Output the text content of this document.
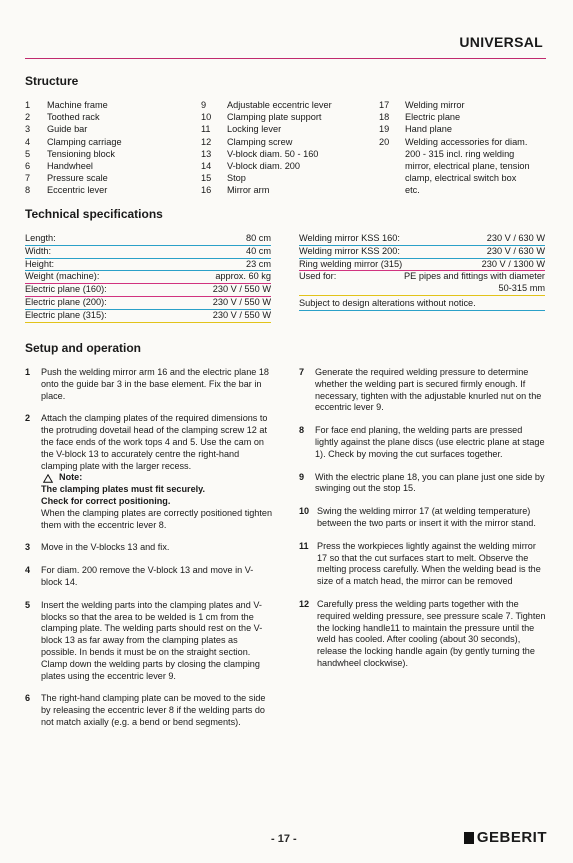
UNIVERSAL
Structure
1	Machine frame
2	Toothed rack
3	Guide bar
4	Clamping carriage
5	Tensioning block
6	Handwheel
7	Pressure scale
8	Eccentric lever
9	Adjustable eccentric lever
10	Clamping plate support
11	Locking lever
12	Clamping screw
13	V-block diam. 50 - 160
14	V-block diam. 200
15	Stop
16	Mirror arm
17	Welding mirror
18	Electric plane
19	Hand plane
20	Welding accessories for diam.
200 - 315 incl. ring welding
mirror, electrical plane, tension
clamp, electrical switch box
etc.
Technical specifications
Length:	80 cm
Width:	40 cm
Height:	23 cm
Weight (machine):	approx. 60 kg
Electric plane (160):	230 V / 550 W
Electric plane (200):	230 V / 550 W
Electric plane (315):	230 V / 550 W
Welding mirror KSS 160:	230 V / 630 W
Welding mirror KSS 200:	230 V / 630 W
Ring welding mirror (315)	230 V / 1300 W
Used for:	PE pipes and fittings with diameter
50-315 mm
Subject to design alterations without notice.
Setup and operation
1	Push the welding mirror arm 16 and the electric plane 18 onto the guide bar 3 in the base element. Fix the bar in place.
2	Attach the clamping plates of the required dimensions to the protruding dovetail head of the clamping screw 12 at the face ends of the work tops 4 and 5. Use the cam on the V-block 13 to accurately centre the right-hand clamping plate with the larger recess.
Note:
The clamping plates must fit securely.
Check for correct positioning.
When the clamping plates are correctly positioned tighten them with the eccentric lever 8.
3	Move in the V-blocks 13 and fix.
4	For diam. 200 remove the V-block 13 and move in V-block 14.
5	Insert the welding parts into the clamping plates and V-blocks so that the area to be welded is 1 cm from the clamping plate. The welding parts should rest on the V-block 13 as far away from the clamping plates as possible. In bends it must be on the straight section. Clamp down the welding parts by closing the clamping plates using the eccentric lever 9.
6	The right-hand clamping plate can be moved to the side by releasing the eccentric lever 8 if the welding parts do not match axially (e.g. a bend or bend segments).
7	Generate the required welding pressure to determine whether the welding part is secured firmly enough. If necessary, tighten with the adjustable knurled nut on the eccentric lever 9.
8	For face end planing, the welding parts are pressed lightly against the plane discs (use electric plane at stage 1). Check by moving the cut surfaces together.
9	With the electric plane 18, you can plane just one side by swinging out the stop 15.
10 Swing the welding mirror 17 (at welding temperature) between the two parts or insert it with the mirror stand.
11 Press the workpieces lightly against the welding mirror 17 so that the cut surfaces start to melt. Observe the melting process carefully. When the welding bead is the size of a match head, the mirror can be removed
12 Carefully press the welding parts together with the required welding pressure, see pressure scale 7. Tighten the locking handle11 to maintain the pressure until the weld has cooled. After cooling (about 30 seconds), release the locking handle again (by gently turning the handwheel clockwise).
- 17 -	GEBERIT
